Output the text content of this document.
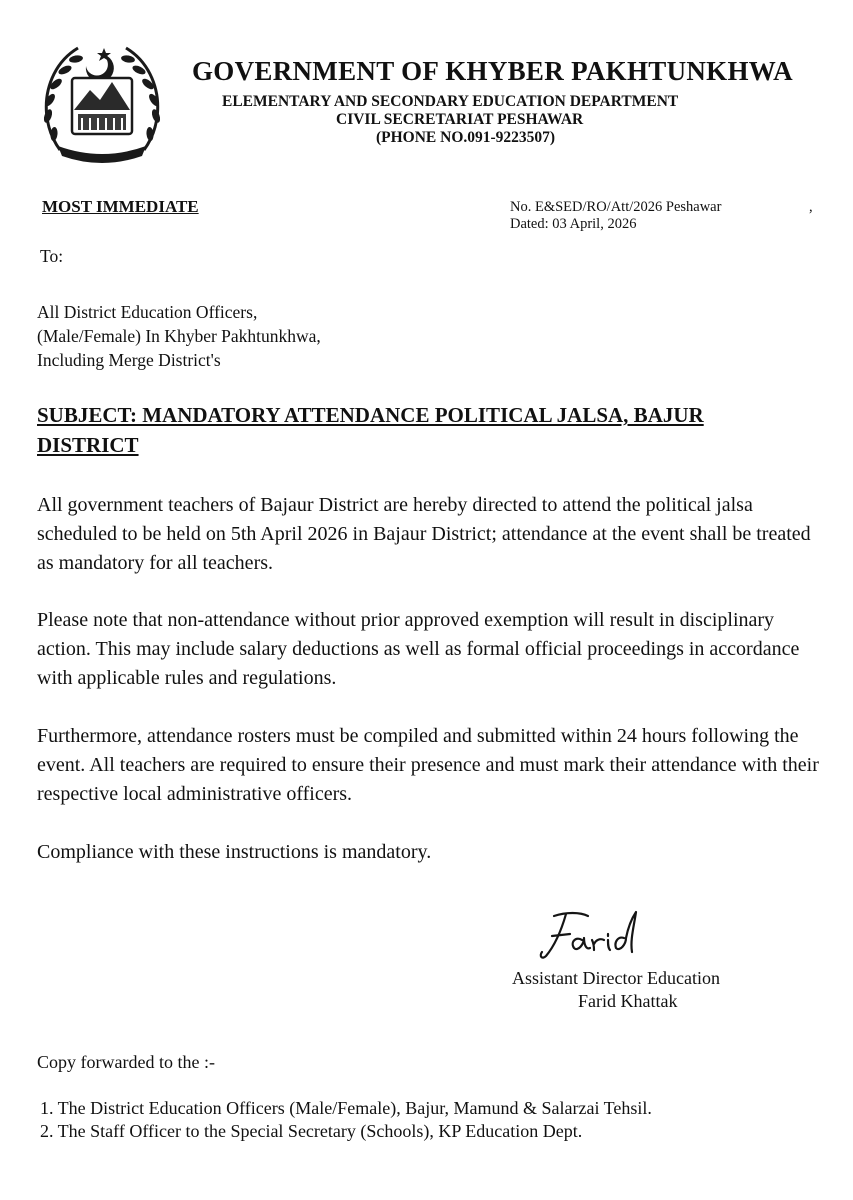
GOVERNMENT OF KHYBER PAKHTUNKHWA
ELEMENTARY AND SECONDARY EDUCATION DEPARTMENT
CIVIL SECRETARIAT PESHAWAR
(PHONE NO.091-9223507)
MOST IMMEDIATE	No. E&SED/RO/Att/2026 Peshawar	,
Dated: 03 April, 2026
To:
All District Education Officers,
(Male/Female) In Khyber Pakhtunkhwa,
Including Merge District's
SUBJECT: MANDATORY ATTENDANCE POLITICAL JALSA, BAJUR
DISTRICT
All government teachers of Bajaur District are hereby directed to attend the political jalsa scheduled to be held on 5th April 2026 in Bajaur District; attendance at the event shall be treated as mandatory for all teachers.
Please note that non-attendance without prior approved exemption will result in disciplinary action. This may include salary deductions as well as formal official proceedings in accordance with applicable rules and regulations.
Furthermore, attendance rosters must be compiled and submitted within 24 hours following the event. All teachers are required to ensure their presence and must mark their attendance with their respective local administrative officers.
Compliance with these instructions is mandatory.
Assistant Director Education
Farid Khattak
Copy forwarded to the :-
1. The District Education Officers (Male/Female), Bajur, Mamund & Salarzai Tehsil.
2. The Staff Officer to the Special Secretary (Schools), KP Education Dept.
